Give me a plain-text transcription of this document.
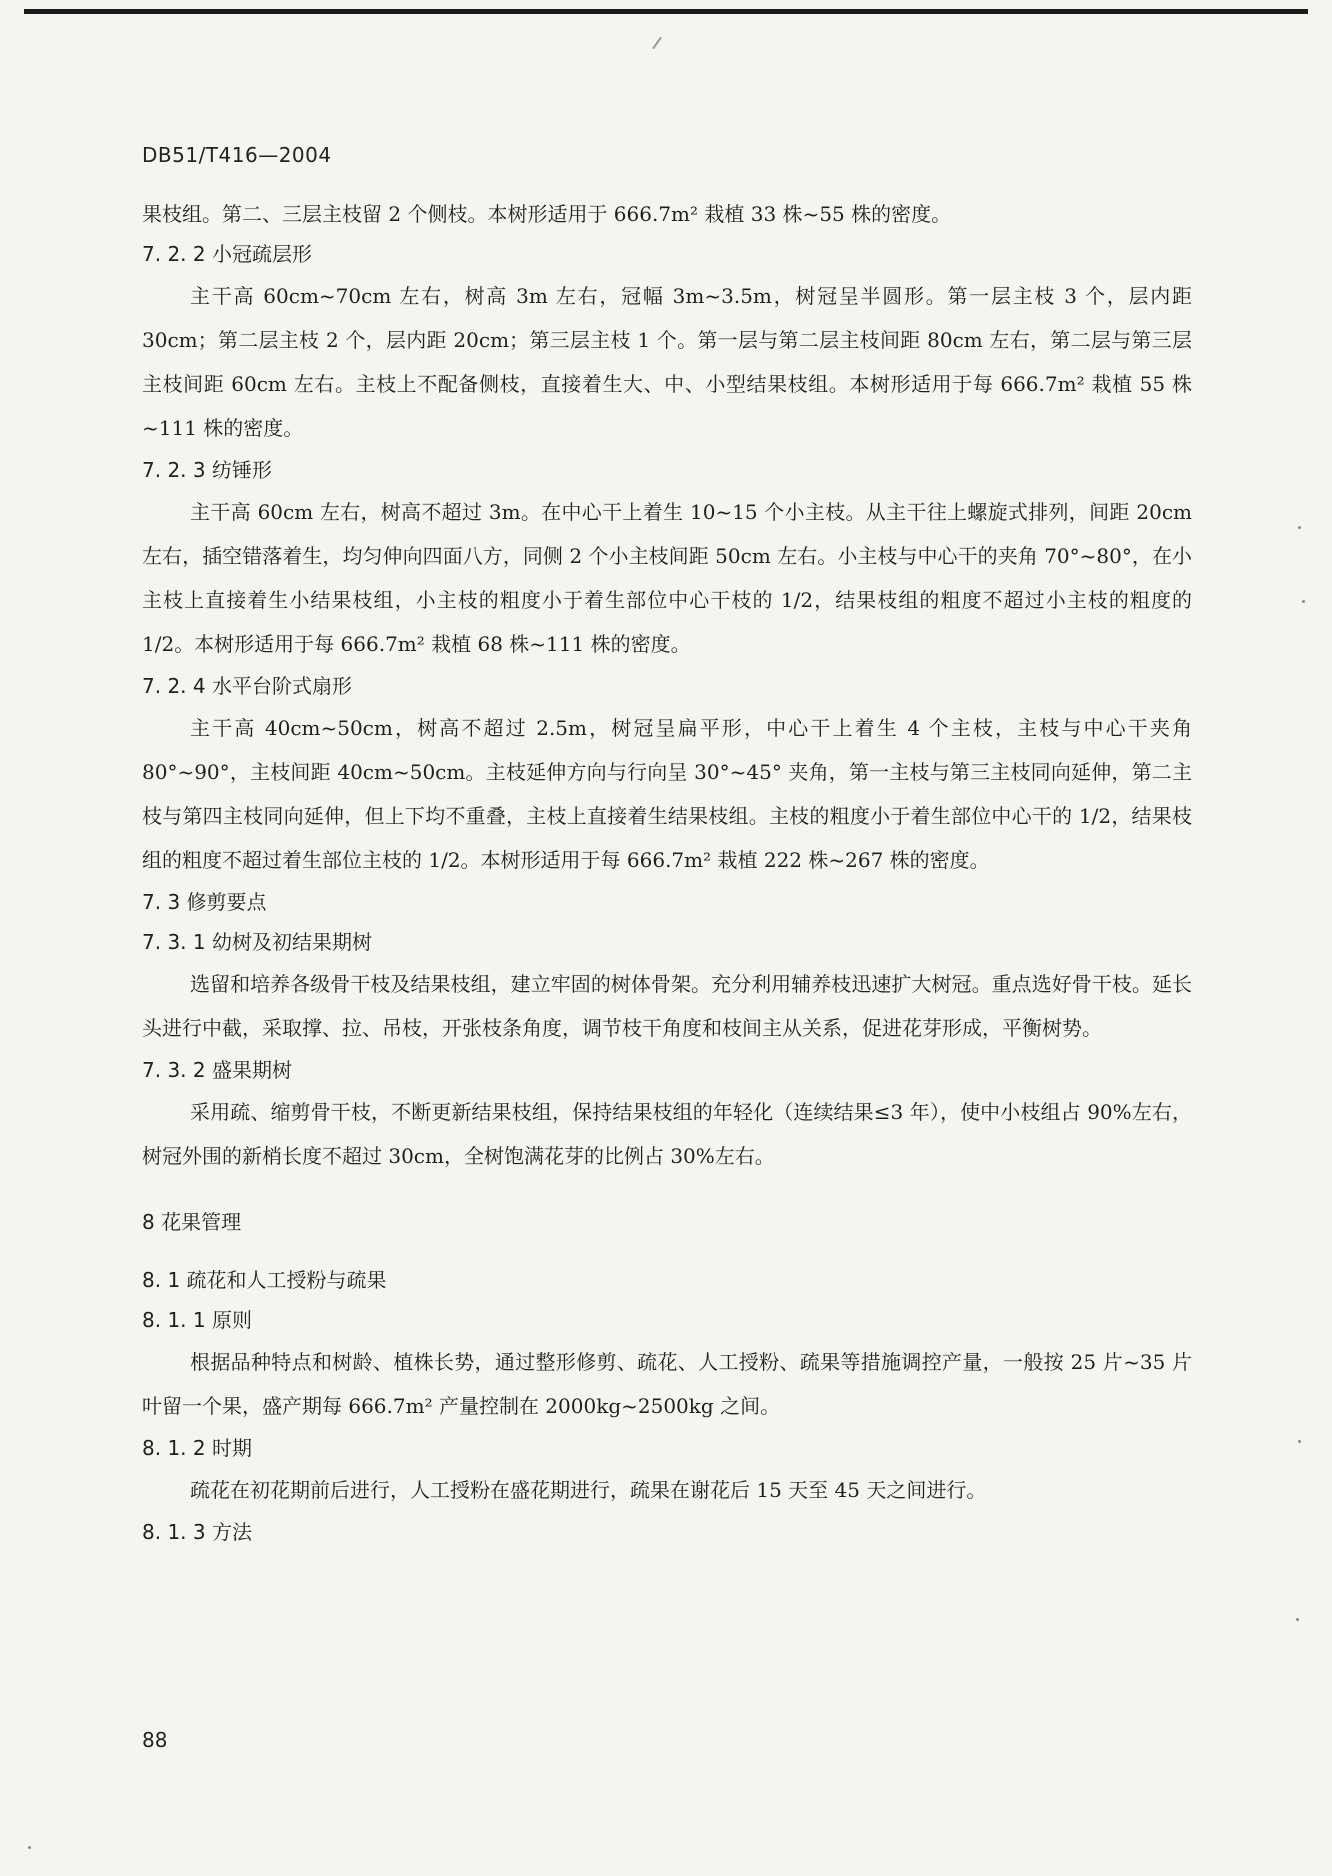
DB51/T416—2004

果枝组。第二、三层主枝留 2 个侧枝。本树形适用于 666.7m² 栽植 33 株~55 株的密度。

7. 2. 2 小冠疏层形

主干高 60cm~70cm 左右，树高 3m 左右，冠幅 3m~3.5m，树冠呈半圆形。第一层主枝 3 个，层内距 30cm；第二层主枝 2 个，层内距 20cm；第三层主枝 1 个。第一层与第二层主枝间距 80cm 左右，第二层与第三层主枝间距 60cm 左右。主枝上不配备侧枝，直接着生大、中、小型结果枝组。本树形适用于每 666.7m² 栽植 55 株~111 株的密度。

7. 2. 3 纺锤形

主干高 60cm 左右，树高不超过 3m。在中心干上着生 10~15 个小主枝。从主干往上螺旋式排列，间距 20cm 左右，插空错落着生，均匀伸向四面八方，同侧 2 个小主枝间距 50cm 左右。小主枝与中心干的夹角 70°~80°，在小主枝上直接着生小结果枝组，小主枝的粗度小于着生部位中心干枝的 1/2，结果枝组的粗度不超过小主枝的粗度的 1/2。本树形适用于每 666.7m² 栽植 68 株~111 株的密度。

7. 2. 4 水平台阶式扇形

主干高 40cm~50cm，树高不超过 2.5m，树冠呈扁平形，中心干上着生 4 个主枝，主枝与中心干夹角 80°~90°，主枝间距 40cm~50cm。主枝延伸方向与行向呈 30°~45° 夹角，第一主枝与第三主枝同向延伸，第二主枝与第四主枝同向延伸，但上下均不重叠，主枝上直接着生结果枝组。主枝的粗度小于着生部位中心干的 1/2，结果枝组的粗度不超过着生部位主枝的 1/2。本树形适用于每 666.7m² 栽植 222 株~267 株的密度。

7. 3 修剪要点
7. 3. 1 幼树及初结果期树

选留和培养各级骨干枝及结果枝组，建立牢固的树体骨架。充分利用辅养枝迅速扩大树冠。重点选好骨干枝。延长头进行中截，采取撑、拉、吊枝，开张枝条角度，调节枝干角度和枝间主从关系，促进花芽形成，平衡树势。

7. 3. 2 盛果期树

采用疏、缩剪骨干枝，不断更新结果枝组，保持结果枝组的年轻化（连续结果≤3 年），使中小枝组占 90%左右，树冠外围的新梢长度不超过 30cm，全树饱满花芽的比例占 30%左右。

8 花果管理
8. 1 疏花和人工授粉与疏果
8. 1. 1 原则

根据品种特点和树龄、植株长势，通过整形修剪、疏花、人工授粉、疏果等措施调控产量，一般按 25 片~35 片叶留一个果，盛产期每 666.7m² 产量控制在 2000kg~2500kg 之间。

8. 1. 2 时期

疏花在初花期前后进行，人工授粉在盛花期进行，疏果在谢花后 15 天至 45 天之间进行。

8. 1. 3 方法
88
